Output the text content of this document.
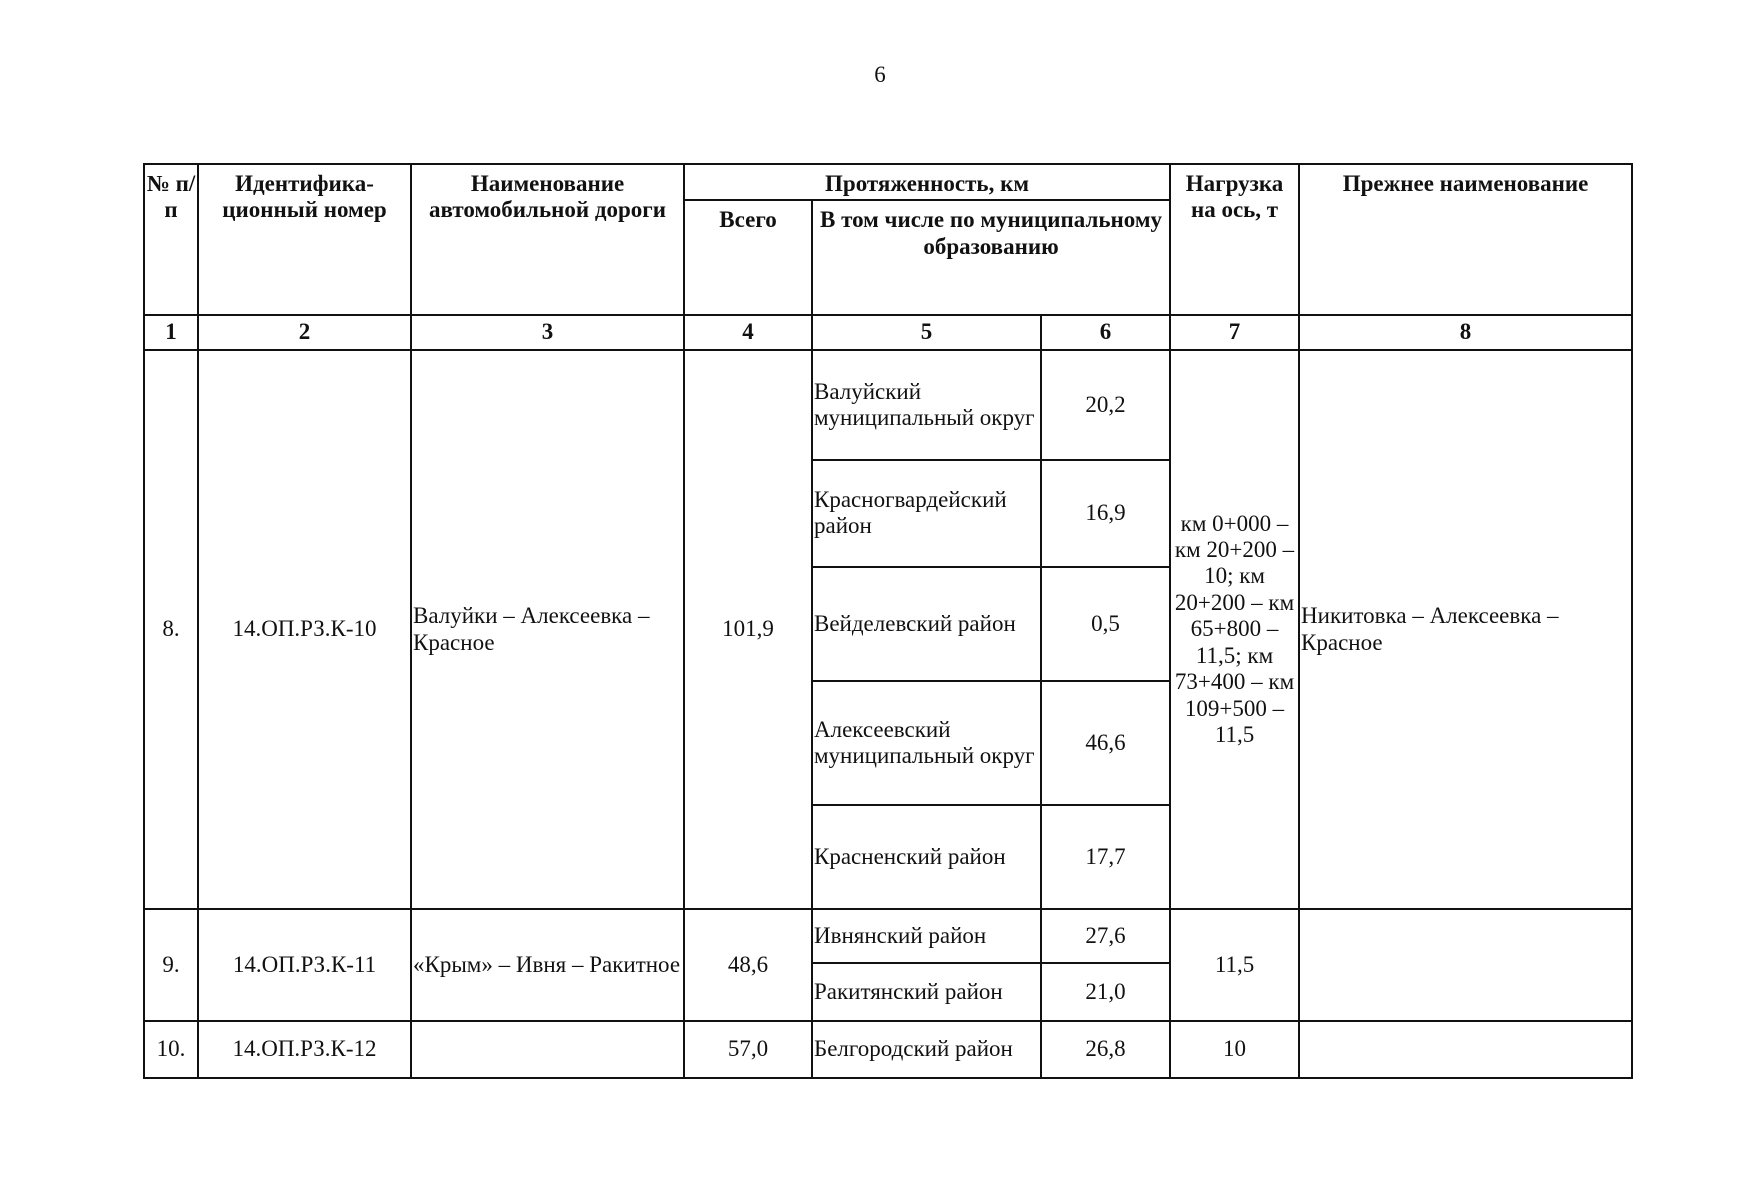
6
№ п/п	Идентифика-ционный номер	Наименование автомобильной дороги	Протяженность, км			Нагрузка на ось, т	Прежнее наименование

			Всего	В том числе по муниципальному образованию			

1	2	3	4	5	6	7	8
8.	14.ОП.РЗ.К-10	Валуйки – Алексеевка – Красное	101,9	Валуйский муниципальный округ	20,2	км 0+000 – км 20+200 – 10; км 20+200 – км 65+800 – 11,5; км 73+400 – км 109+500 – 11,5	Никитовка – Алексеевка – Красное
				Красногвардейский район	16,9		
				Вейделевский район	0,5		
				Алексеевский муниципальный округ	46,6		
				Красненский район	17,7		
9.	14.ОП.РЗ.К-11	«Крым» – Ивня – Ракитное	48,6	Ивнянский район	27,6	11,5	
				Ракитянский район	21,0		
10.	14.ОП.РЗ.К-12		57,0	Белгородский район	26,8	10	
